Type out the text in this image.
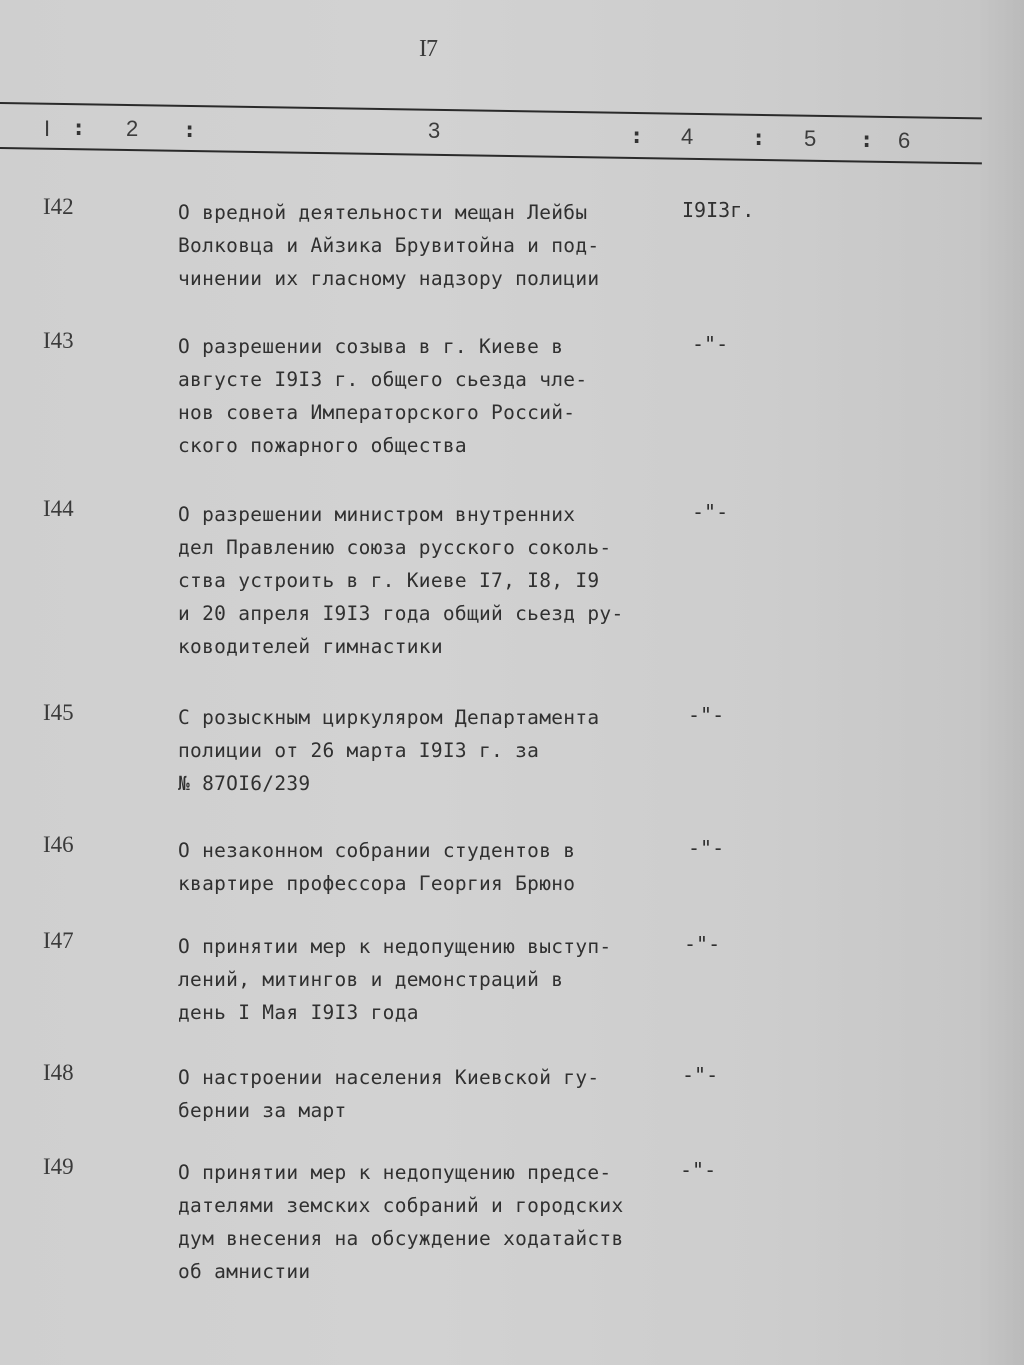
I7
I : 2 :	3	: 4	: 5 : 6
I42	О вредной деятельности мещан Лейбы
Волковца и Айзика Брувитойна и под-
чинении их гласному надзору полиции
I9I3г.
I43	О разрешении созыва в г. Киеве в
августе I9I3 г. общего сьезда чле-
нов совета Императорского Россий-
ского пожарного общества
-"-
I44	О разрешении министром внутренних
дел Правлению союза русского соколь-
ства устроить в г. Киеве I7, I8, I9
и 20 апреля I9I3 года общий сьезд ру-
ководителей гимнастики
-"-
I45	С розыскным циркуляром Департамента
полиции от 26 марта I9I3 г. за
№ 87OI6/239
-"-
I46	О незаконном собрании студентов в
квартире профессора Георгия Брюно
-"-
I47	О принятии мер к недопущению выступ-
лений, митингов и демонстраций в
день I Мая I9I3 года
-"-
I48	О настроении населения Киевской гу-
бернии за март
-"-
I49	О принятии мер к недопущению предсе-
дателями земских собраний и городских
дум внесения на обсуждение ходатайств
об амнистии
-"-
